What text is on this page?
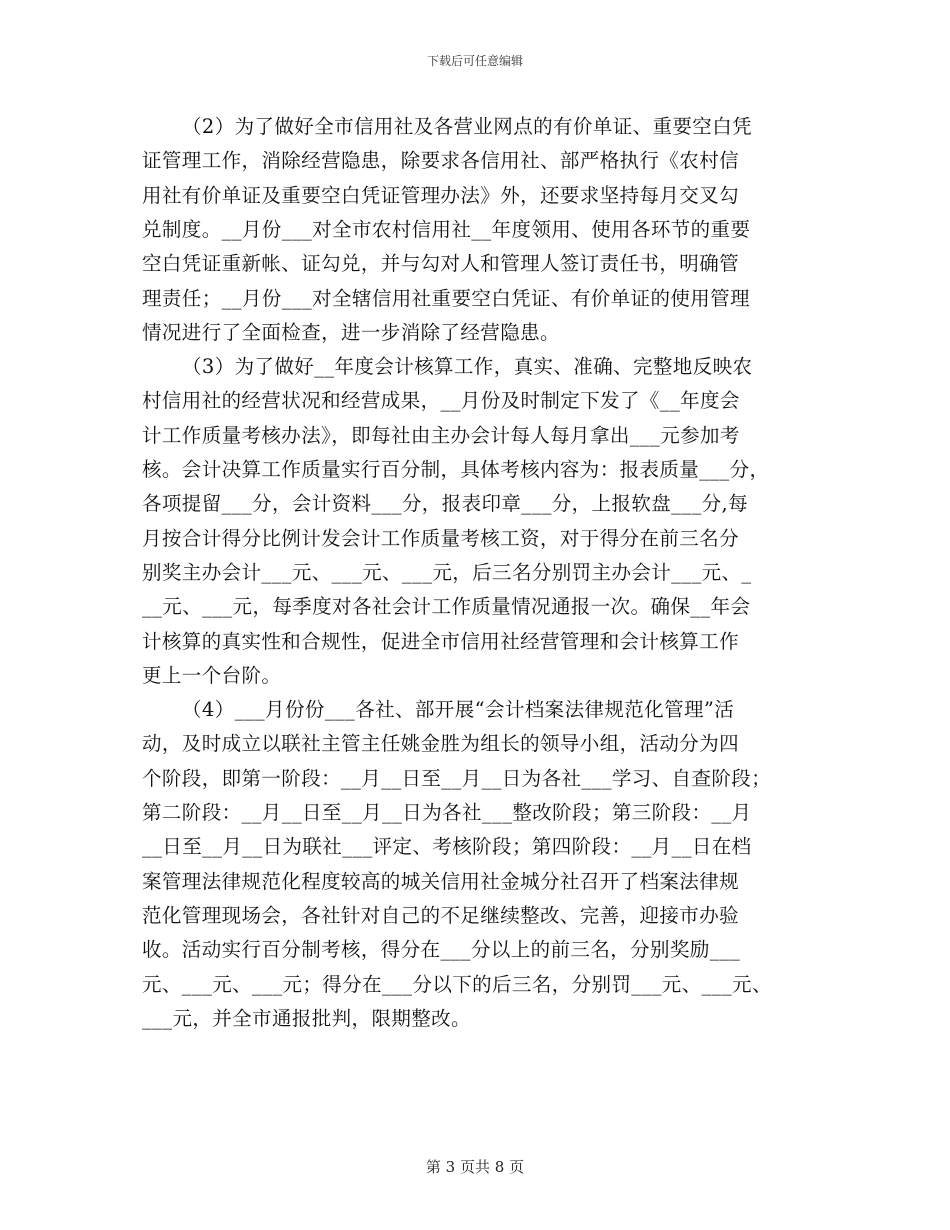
下载后可任意编辑
（2）为了做好全市信用社及各营业网点的有价单证、重要空白凭
证管理工作，消除经营隐患，除要求各信用社、部严格执行《农村信
用社有价单证及重要空白凭证管理办法》外，还要求坚持每月交叉勾
兑制度。__月份___对全市农村信用社__年度领用、使用各环节的重要
空白凭证重新帐、证勾兑，并与勾对人和管理人签订责任书，明确管
理责任；__月份___对全辖信用社重要空白凭证、有价单证的使用管理
情况进行了全面检查，进一步消除了经营隐患。
（3）为了做好__年度会计核算工作，真实、准确、完整地反映农
村信用社的经营状况和经营成果，__月份及时制定下发了《__年度会
计工作质量考核办法》，即每社由主办会计每人每月拿出___元参加考
核。会计决算工作质量实行百分制，具体考核内容为：报表质量___分，
各项提留___分，会计资料___分，报表印章___分，上报软盘___分,每
月按合计得分比例计发会计工作质量考核工资，对于得分在前三名分
别奖主办会计___元、___元、___元，后三名分别罚主办会计___元、_
__元、___元，每季度对各社会计工作质量情况通报一次。确保__年会
计核算的真实性和合规性，促进全市信用社经营管理和会计核算工作
更上一个台阶。
（4）___月份份___各社、部开展“会计档案法律规范化管理”活
动，及时成立以联社主管主任姚金胜为组长的领导小组，活动分为四
个阶段，即第一阶段：__月__日至__月__日为各社___学习、自查阶段；
第二阶段：__月__日至__月__日为各社___整改阶段；第三阶段：__月
__日至__月__日为联社___评定、考核阶段；第四阶段：__月__日在档
案管理法律规范化程度较高的城关信用社金城分社召开了档案法律规
范化管理现场会，各社针对自己的不足继续整改、完善，迎接市办验
收。活动实行百分制考核，得分在___分以上的前三名，分别奖励___
元、___元、___元；得分在___分以下的后三名，分别罚___元、___元、
___元，并全市通报批判，限期整改。
第 3 页共 8 页
